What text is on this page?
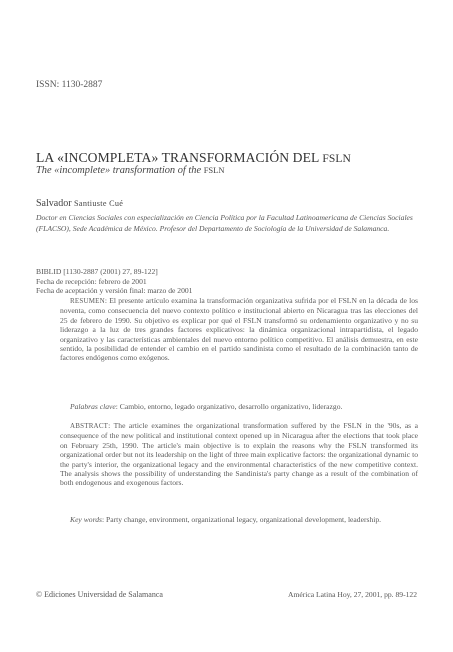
ISSN: 1130-2887
LA «INCOMPLETA» TRANSFORMACIÓN DEL FSLN
The «incomplete» transformation of the FSLN
Salvador Santiuste Cué
Doctor en Ciencias Sociales con especialización en Ciencia Política por la Facultad Latinoamericana de Ciencias Sociales (FLACSO), Sede Académica de México. Profesor del Departamento de Sociología de la Universidad de Salamanca.
BIBLID [1130-2887 (2001) 27, 89-122]
Fecha de recepción: febrero de 2001
Fecha de aceptación y versión final: marzo de 2001
RESUMEN: El presente artículo examina la transformación organizativa sufrida por el FSLN en la década de los noventa, como consecuencia del nuevo contexto político e institucional abierto en Nicaragua tras las elecciones del 25 de febrero de 1990. Su objetivo es explicar por qué el FSLN transformó su ordenamiento organizativo y no su liderazgo a la luz de tres grandes factores explicativos: la dinámica organizacional intrapartidista, el legado organizativo y las características ambientales del nuevo entorno político competitivo. El análisis demuestra, en este sentido, la posibilidad de entender el cambio en el partido sandinista como el resultado de la combinación tanto de factores endógenos como exógenos.
Palabras clave: Cambio, entorno, legado organizativo, desarrollo organizativo, liderazgo.
ABSTRACT: The article examines the organizational transformation suffered by the FSLN in the '90s, as a consequence of the new political and institutional context opened up in Nicaragua after the elections that took place on February 25th, 1990. The article's main objective is to explain the reasons why the FSLN transformed its organizational order but not its leadership on the light of three main explicative factors: the organizational dynamic to the party's interior, the organizational legacy and the environmental characteristics of the new competitive context. The analysis shows the possibility of understanding the Sandinista's party change as a result of the combination of both endogenous and exogenous factors.
Key words: Party change, environment, organizational legacy, organizational development, leadership.
© Ediciones Universidad de Salamanca	América Latina Hoy, 27, 2001, pp. 89-122
